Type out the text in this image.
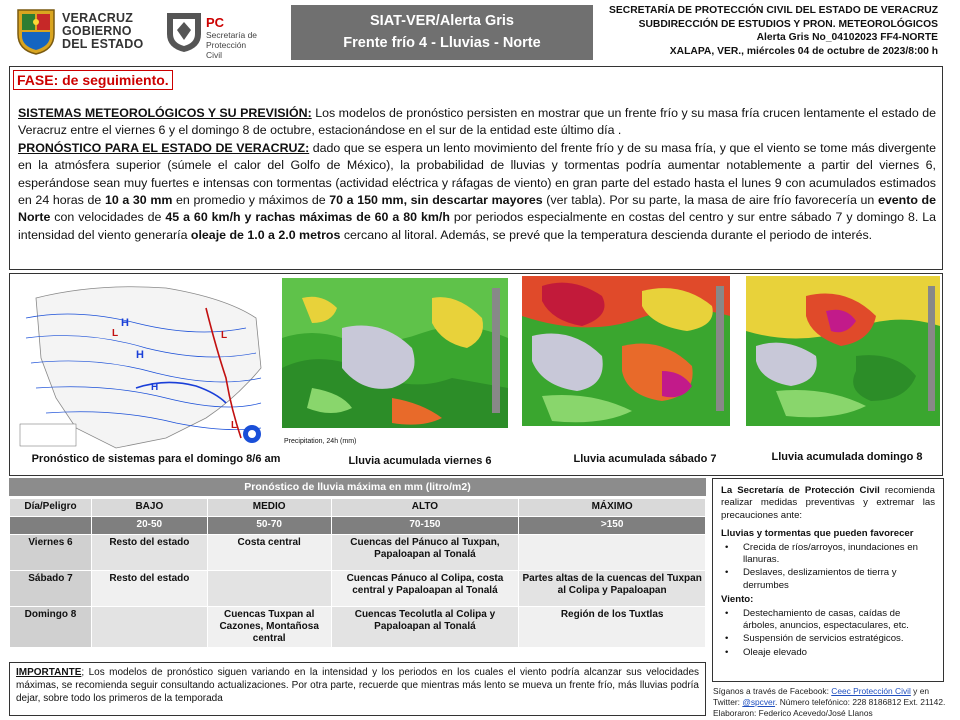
VERACRUZ
GOBIERNO
DEL ESTADO
PC
Secretaría de
Protección Civil
SIAT-VER/Alerta Gris
Frente frío 4 - Lluvias - Norte
SECRETARÍA DE PROTECCIÓN CIVIL DEL ESTADO DE VERACRUZ
SUBDIRECCIÓN DE ESTUDIOS Y PRON. METEOROLÓGICOS
Alerta Gris No_04102023 FF4-NORTE
XALAPA, VER., miércoles 04 de octubre de 2023/8:00 h
FASE: de seguimiento.
SISTEMAS METEOROLÓGICOS Y SU PREVISIÓN: Los modelos de pronóstico persisten en mostrar que un frente frío y su masa fría crucen lentamente el estado de Veracruz entre el viernes 6 y el domingo 8 de octubre, estacionándose en el sur de la entidad este último día .
PRONÓSTICO PARA EL ESTADO DE VERACRUZ: dado que se espera un lento movimiento del frente frío y de su masa fría, y que el viento se tome más divergente en la atmósfera superior (súmele el calor del Golfo de México), la probabilidad de lluvias y tormentas podría aumentar notablemente a partir del viernes 6, esperándose sean muy fuertes e intensas con tormentas (actividad eléctrica y ráfagas de viento) en gran parte del estado hasta el lunes 9 con acumulados estimados en 24 horas de 10 a 30 mm en promedio y máximos de 70 a 150 mm, sin descartar mayores (ver tabla). Por su parte, la masa de aire frío favorecería un evento de Norte con velocidades de 45 a 60 km/h y rachas máximas de 60 a 80 km/h por periodos especialmente en costas del centro y sur entre sábado 7 y domingo 8. La intensidad del viento generaría oleaje de 1.0 a 2.0 metros cercano al litoral. Además, se prevé que la temperatura descienda durante el periodo de interés.
H
H
H
L	L
L
Pronóstico de sistemas para el domingo 8/6 am
Precipitation, 24h (mm)
Lluvia acumulada viernes 6	Lluvia acumulada sábado 7	Lluvia acumulada domingo 8
Pronóstico de lluvia máxima en mm (litro/m2)
Día/Peligro	BAJO	MEDIO	ALTO	MÁXIMO
	20-50	50-70	70-150	>150
Viernes 6	Resto del estado	Costa central	Cuencas del Pánuco al Tuxpan, Papaloapan al Tonalá	
Sábado 7	Resto del estado		Cuencas Pánuco al Colipa, costa central y Papaloapan al Tonalá	Partes altas de la cuencas del Tuxpan al Colipa y Papaloapan
Domingo 8		Cuencas Tuxpan al Cazones, Montañosa central	Cuencas Tecolutla al Colipa y Papaloapan al Tonalá	Región de los Tuxtlas

La Secretaría de Protección Civil recomienda realizar medidas preventivas y extremar las precauciones ante:

Lluvias y tormentas que pueden favorecer
• Crecida de ríos/arroyos, inundaciones en llanuras.
• Deslaves, deslizamientos de tierra y derrumbes
Viento:
• Destechamiento de casas, caídas de árboles, anuncios, espectaculares, etc.
• Suspensión de servicios estratégicos.
• Oleaje elevado
IMPORTANTE; Los modelos de pronóstico siguen variando en la intensidad y los periodos en los cuales el viento podría alcanzar sus velocidades máximas, se recomienda seguir consultando actualizaciones. Por otra parte, recuerde que mientras más lento se mueva un frente frío, más lluvias podría dejar, sobre todo los primeros de la temporada
Síganos a través de Facebook: Ceec Protección Civil y en Twitter: @spcver. Número telefónico: 228 8186812 Ext. 21142. Elaboraron: Federico Acevedo/José Llanos
